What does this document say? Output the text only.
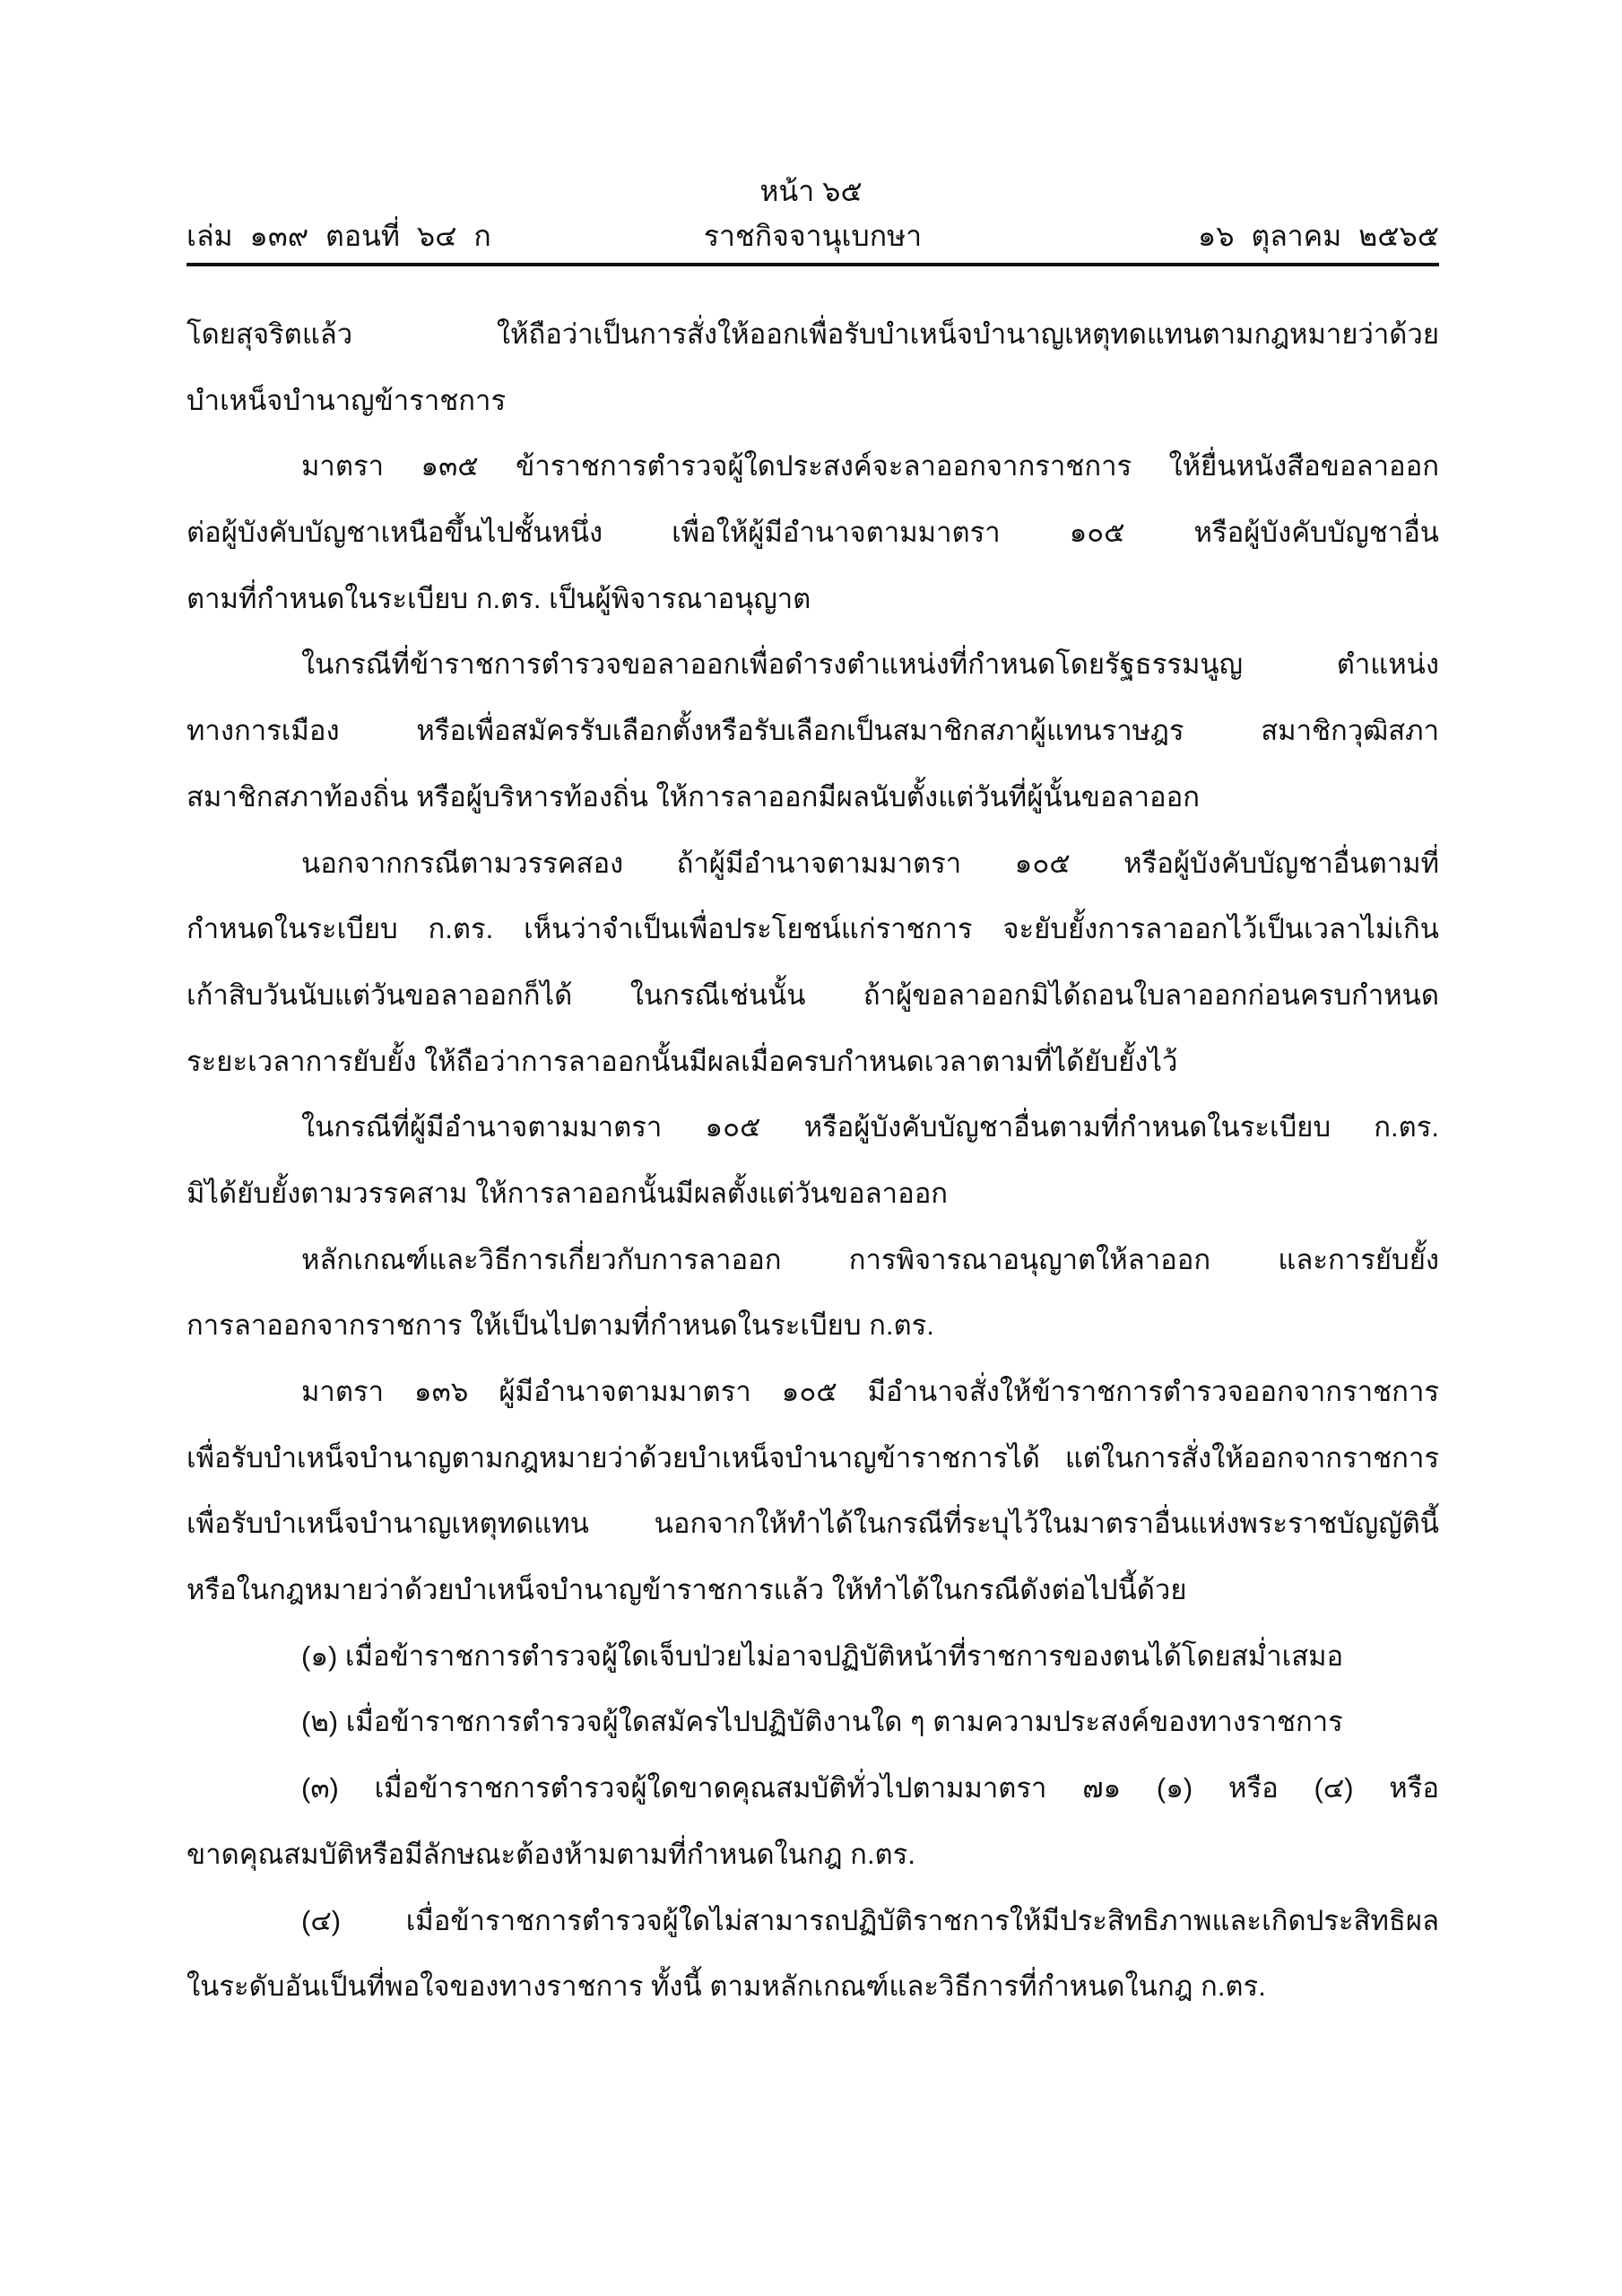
หน้า ๖๕
ราชกิจจานุเบกษา
เล่ม ๑๓๙ ตอนที่ ๖๔ ก	๑๖ ตุลาคม ๒๕๖๕
โดยสุจริตแล้ว ให้ถือว่าเป็นการสั่งให้ออกเพื่อรับบำเหน็จบำนาญเหตุทดแทนตามกฎหมายว่าด้วย
บำเหน็จบำนาญข้าราชการ
มาตรา ๑๓๕ ข้าราชการตำรวจผู้ใดประสงค์จะลาออกจากราชการ ให้ยื่นหนังสือขอลาออก
ต่อผู้บังคับบัญชาเหนือขึ้นไปชั้นหนึ่ง เพื่อให้ผู้มีอำนาจตามมาตรา ๑๐๕ หรือผู้บังคับบัญชาอื่น
ตามที่กำหนดในระเบียบ ก.ตร. เป็นผู้พิจารณาอนุญาต
ในกรณีที่ข้าราชการตำรวจขอลาออกเพื่อดำรงตำแหน่งที่กำหนดโดยรัฐธรรมนูญ ตำแหน่ง
ทางการเมือง หรือเพื่อสมัครรับเลือกตั้งหรือรับเลือกเป็นสมาชิกสภาผู้แทนราษฎร สมาชิกวุฒิสภา
สมาชิกสภาท้องถิ่น หรือผู้บริหารท้องถิ่น ให้การลาออกมีผลนับตั้งแต่วันที่ผู้นั้นขอลาออก
นอกจากกรณีตามวรรคสอง ถ้าผู้มีอำนาจตามมาตรา ๑๐๕ หรือผู้บังคับบัญชาอื่นตามที่
กำหนดในระเบียบ ก.ตร. เห็นว่าจำเป็นเพื่อประโยชน์แก่ราชการ จะยับยั้งการลาออกไว้เป็นเวลาไม่เกิน
เก้าสิบวันนับแต่วันขอลาออกก็ได้ ในกรณีเช่นนั้น ถ้าผู้ขอลาออกมิได้ถอนใบลาออกก่อนครบกำหนด
ระยะเวลาการยับยั้ง ให้ถือว่าการลาออกนั้นมีผลเมื่อครบกำหนดเวลาตามที่ได้ยับยั้งไว้
ในกรณีที่ผู้มีอำนาจตามมาตรา ๑๐๕ หรือผู้บังคับบัญชาอื่นตามที่กำหนดในระเบียบ ก.ตร.
มิได้ยับยั้งตามวรรคสาม ให้การลาออกนั้นมีผลตั้งแต่วันขอลาออก
หลักเกณฑ์และวิธีการเกี่ยวกับการลาออก การพิจารณาอนุญาตให้ลาออก และการยับยั้ง
การลาออกจากราชการ ให้เป็นไปตามที่กำหนดในระเบียบ ก.ตร.
มาตรา ๑๓๖ ผู้มีอำนาจตามมาตรา ๑๐๕ มีอำนาจสั่งให้ข้าราชการตำรวจออกจากราชการ
เพื่อรับบำเหน็จบำนาญตามกฎหมายว่าด้วยบำเหน็จบำนาญข้าราชการได้ แต่ในการสั่งให้ออกจากราชการ
เพื่อรับบำเหน็จบำนาญเหตุทดแทน นอกจากให้ทำได้ในกรณีที่ระบุไว้ในมาตราอื่นแห่งพระราชบัญญัตินี้
หรือในกฎหมายว่าด้วยบำเหน็จบำนาญข้าราชการแล้ว ให้ทำได้ในกรณีดังต่อไปนี้ด้วย
(๑) เมื่อข้าราชการตำรวจผู้ใดเจ็บป่วยไม่อาจปฏิบัติหน้าที่ราชการของตนได้โดยสม่ำเสมอ
(๒) เมื่อข้าราชการตำรวจผู้ใดสมัครไปปฏิบัติงานใด ๆ ตามความประสงค์ของทางราชการ
(๓) เมื่อข้าราชการตำรวจผู้ใดขาดคุณสมบัติทั่วไปตามมาตรา ๗๑ (๑) หรือ (๔) หรือ
ขาดคุณสมบัติหรือมีลักษณะต้องห้ามตามที่กำหนดในกฎ ก.ตร.
(๔) เมื่อข้าราชการตำรวจผู้ใดไม่สามารถปฏิบัติราชการให้มีประสิทธิภาพและเกิดประสิทธิผล
ในระดับอันเป็นที่พอใจของทางราชการ ทั้งนี้ ตามหลักเกณฑ์และวิธีการที่กำหนดในกฎ ก.ตร.
